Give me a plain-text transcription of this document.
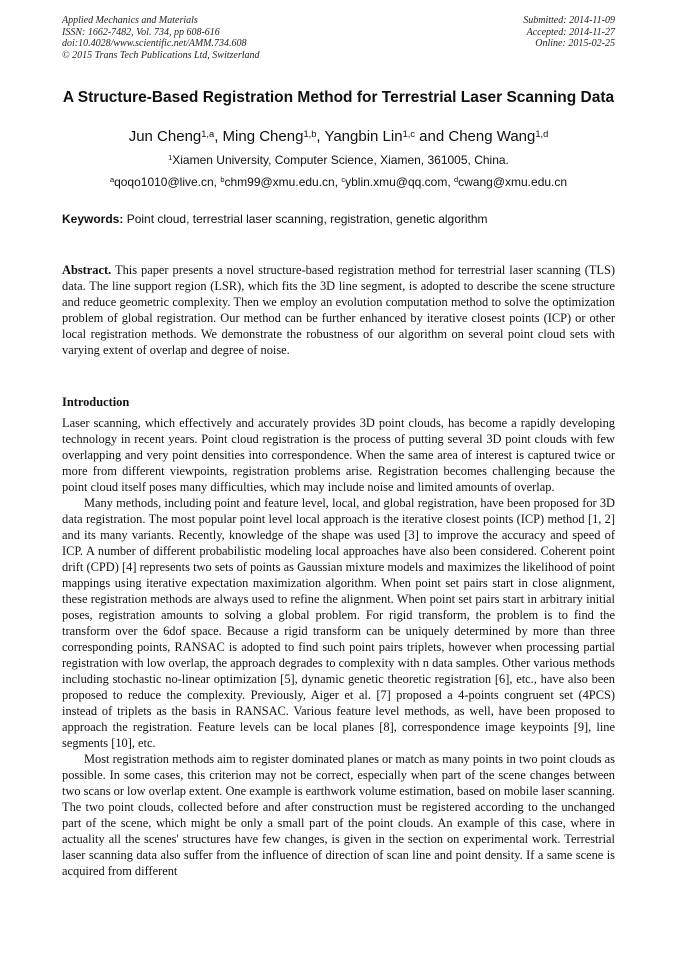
Applied Mechanics and Materials
ISSN: 1662-7482, Vol. 734, pp 608-616
doi:10.4028/www.scientific.net/AMM.734.608
© 2015 Trans Tech Publications Ltd, Switzerland
Submitted: 2014-11-09
Accepted: 2014-11-27
Online: 2015-02-25
A Structure-Based Registration Method for Terrestrial Laser Scanning Data
Jun Cheng$^{1,a}$, Ming Cheng$^{1,b}$, Yangbin Lin$^{1,c}$ and Cheng Wang$^{1,d}$
$^1$Xiamen University, Computer Science, Xiamen, 361005, China.
$^a$qoqo1010@live.cn, $^b$chm99@xmu.edu.cn, $^c$yblin.xmu@qq.com, $^d$cwang@xmu.edu.cn
Keywords: Point cloud, terrestrial laser scanning, registration, genetic algorithm
Abstract. This paper presents a novel structure-based registration method for terrestrial laser scanning (TLS) data. The line support region (LSR), which fits the 3D line segment, is adopted to describe the scene structure and reduce geometric complexity. Then we employ an evolution computation method to solve the optimization problem of global registration. Our method can be further enhanced by iterative closest points (ICP) or other local registration methods. We demonstrate the robustness of our algorithm on several point cloud sets with varying extent of overlap and degree of noise.
Introduction

Laser scanning, which effectively and accurately provides 3D point clouds, has become a rapidly developing technology in recent years. Point cloud registration is the process of putting several 3D point clouds with few overlapping and very point densities into correspondence. When the same area of interest is captured twice or more from different viewpoints, registration problems arise. Registration becomes challenging because the point cloud itself poses many difficulties, which may include noise and limited amounts of overlap.

Many methods, including point and feature level, local, and global registration, have been proposed for 3D data registration. The most popular point level local approach is the iterative closest points (ICP) method [1, 2] and its many variants. Recently, knowledge of the shape was used [3] to improve the accuracy and speed of ICP. A number of different probabilistic modeling local approaches have also been considered. Coherent point drift (CPD) [4] represents two sets of points as Gaussian mixture models and maximizes the likelihood of point mappings using iterative expectation maximization algorithm. When point set pairs start in close alignment, these registration methods are always used to refine the alignment. When point set pairs start in arbitrary initial poses, registration amounts to solving a global problem. For rigid transform, the problem is to find the transform over the 6dof space. Because a rigid transform can be uniquely determined by more than three corresponding points, RANSAC is adopted to find such point pairs triplets, however when processing partial registration with low overlap, the approach degrades to complexity with n data samples. Other various methods including stochastic no-linear optimization [5], dynamic genetic theoretic registration [6], etc., have also been proposed to reduce the complexity. Previously, Aiger et al. [7] proposed a 4-points congruent set (4PCS) instead of triplets as the basis in RANSAC. Various feature level methods, as well, have been proposed to approach the registration. Feature levels can be local planes [8], correspondence image keypoints [9], line segments [10], etc.

Most registration methods aim to register dominated planes or match as many points in two point clouds as possible. In some cases, this criterion may not be correct, especially when part of the scene changes between two scans or low overlap extent. One example is earthwork volume estimation, based on mobile laser scanning. The two point clouds, collected before and after construction must be registered according to the unchanged part of the scene, which might be only a small part of the point clouds. An example of this case, where in actuality all the scenes' structures have few changes, is given in the section on experimental work. Terrestrial laser scanning data also suffer from the influence of direction of scan line and point density. If a same scene is acquired from different
